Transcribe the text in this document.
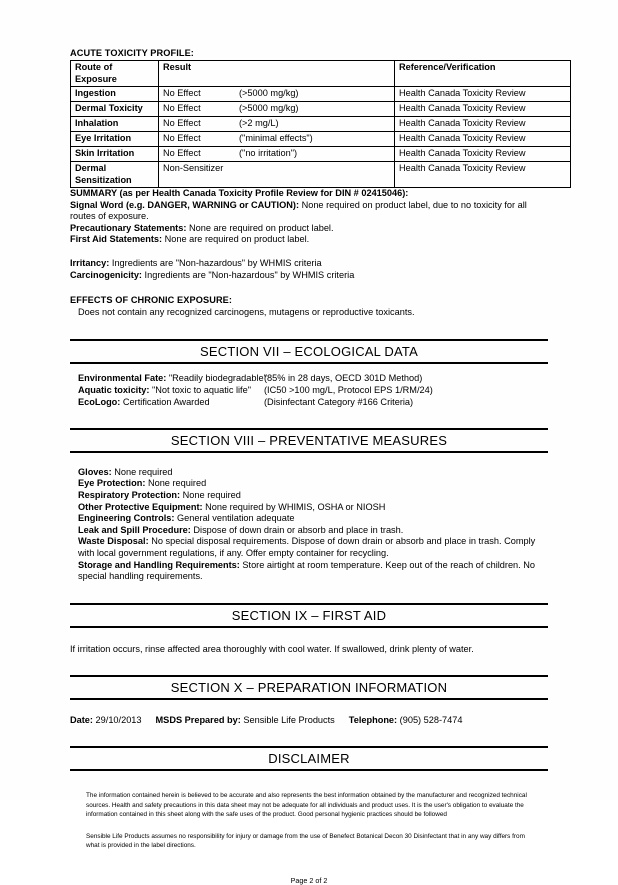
ACUTE TOXICITY PROFILE:
Route of Exposure	Result	Reference/Verification
Ingestion	No Effect (>5000 mg/kg)	Health Canada Toxicity Review
Dermal Toxicity	No Effect (>5000 mg/kg)	Health Canada Toxicity Review
Inhalation	No Effect (>2 mg/L)	Health Canada Toxicity Review
Eye Irritation	No Effect ("minimal effects")	Health Canada Toxicity Review
Skin Irritation	No Effect ("no irritation")	Health Canada Toxicity Review
Dermal Sensitization	Non-Sensitizer	Health Canada Toxicity Review
SUMMARY (as per Health Canada Toxicity Profile Review for DIN # 02415046):
Signal Word (e.g. DANGER, WARNING or CAUTION): None required on product label, due to no toxicity for all routes of exposure.
Precautionary Statements: None are required on product label.
First Aid Statements: None are required on product label.
Irritancy: Ingredients are "Non-hazardous" by WHMIS criteria
Carcinogenicity: Ingredients are "Non-hazardous" by WHMIS criteria
EFFECTS OF CHRONIC EXPOSURE:
Does not contain any recognized carcinogens, mutagens or reproductive toxicants.
SECTION VII – ECOLOGICAL DATA
Environmental Fate: "Readily biodegradable"(85% in 28 days, OECD 301D Method)
Aquatic toxicity: "Not toxic to aquatic life" (IC50 >100 mg/L, Protocol EPS 1/RM/24)
EcoLogo: Certification Awarded	(Disinfectant Category #166 Criteria)
SECTION VIII – PREVENTATIVE MEASURES
Gloves: None required
Eye Protection: None required
Respiratory Protection: None required
Other Protective Equipment: None required by WHIMIS, OSHA or NIOSH
Engineering Controls: General ventilation adequate
Leak and Spill Procedure: Dispose of down drain or absorb and place in trash.
Waste Disposal: No special disposal requirements. Dispose of down drain or absorb and place in trash. Comply with local government regulations, if any. Offer empty container for recycling.
Storage and Handling Requirements: Store airtight at room temperature. Keep out of the reach of children. No special handling requirements.
SECTION IX – FIRST AID
If irritation occurs, rinse affected area thoroughly with cool water. If swallowed, drink plenty of water.
SECTION X – PREPARATION INFORMATION
Date: 29/10/2013 MSDS Prepared by: Sensible Life Products Telephone: (905) 528-7474
DISCLAIMER
The information contained herein is believed to be accurate and also represents the best information obtained by the manufacturer and recognized technical sources. Health and safety precautions in this data sheet may not be adequate for all individuals and product uses. It is the user's obligation to evaluate the information contained in this sheet along with the safe uses of the product. Good personal hygienic practices should be followed
Sensible Life Products assumes no responsibility for injury or damage from the use of Benefect Botanical Decon 30 Disinfectant that in any way differs from what is provided in the label directions.
Page 2 of 2
